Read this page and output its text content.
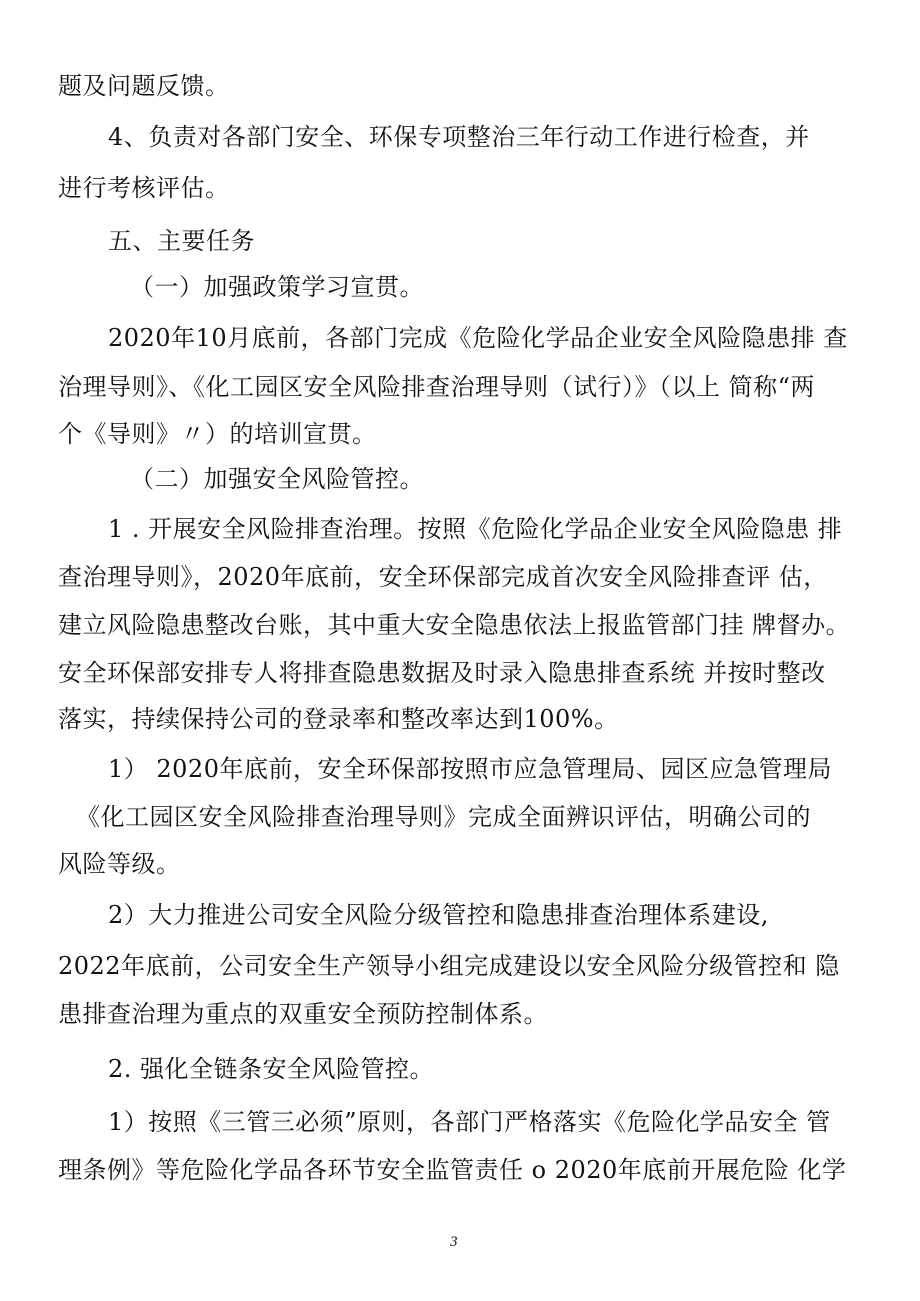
题及问题反馈。
4、负责对各部门安全、环保专项整治三年行动工作进行检查，并
进行考核评估。
五、主要任务
（一）加强政策学习宣贯。
2020年10月底前，各部门完成《危险化学品企业安全风险隐患排 查
治理导则》、《化工园区安全风险排查治理导则（试行）》（以上 简称“两
个《导则》〃）的培训宣贯。
（二）加强安全风险管控。
1 . 开展安全风险排查治理。按照《危险化学品企业安全风险隐患 排
查治理导则》，2020年底前，安全环保部完成首次安全风险排查评 估，
建立风险隐患整改台账，其中重大安全隐患依法上报监管部门挂 牌督办。
安全环保部安排专人将排查隐患数据及时录入隐患排查系统 并按时整改
落实，持续保持公司的登录率和整改率达到100%。
1） 2020年底前，安全环保部按照市应急管理局、园区应急管理局
《化工园区安全风险排查治理导则》完成全面辨识评估，明确公司的
风险等级。
2）大力推进公司安全风险分级管控和隐患排查治理体系建设,
2022年底前，公司安全生产领导小组完成建设以安全风险分级管控和 隐
患排查治理为重点的双重安全预防控制体系。
2. 强化全链条安全风险管控。
1）按照《三管三必须”原则，各部门严格落实《危险化学品安全 管
理条例》等危险化学品各环节安全监管责任 o 2020年底前开展危险 化学
3
